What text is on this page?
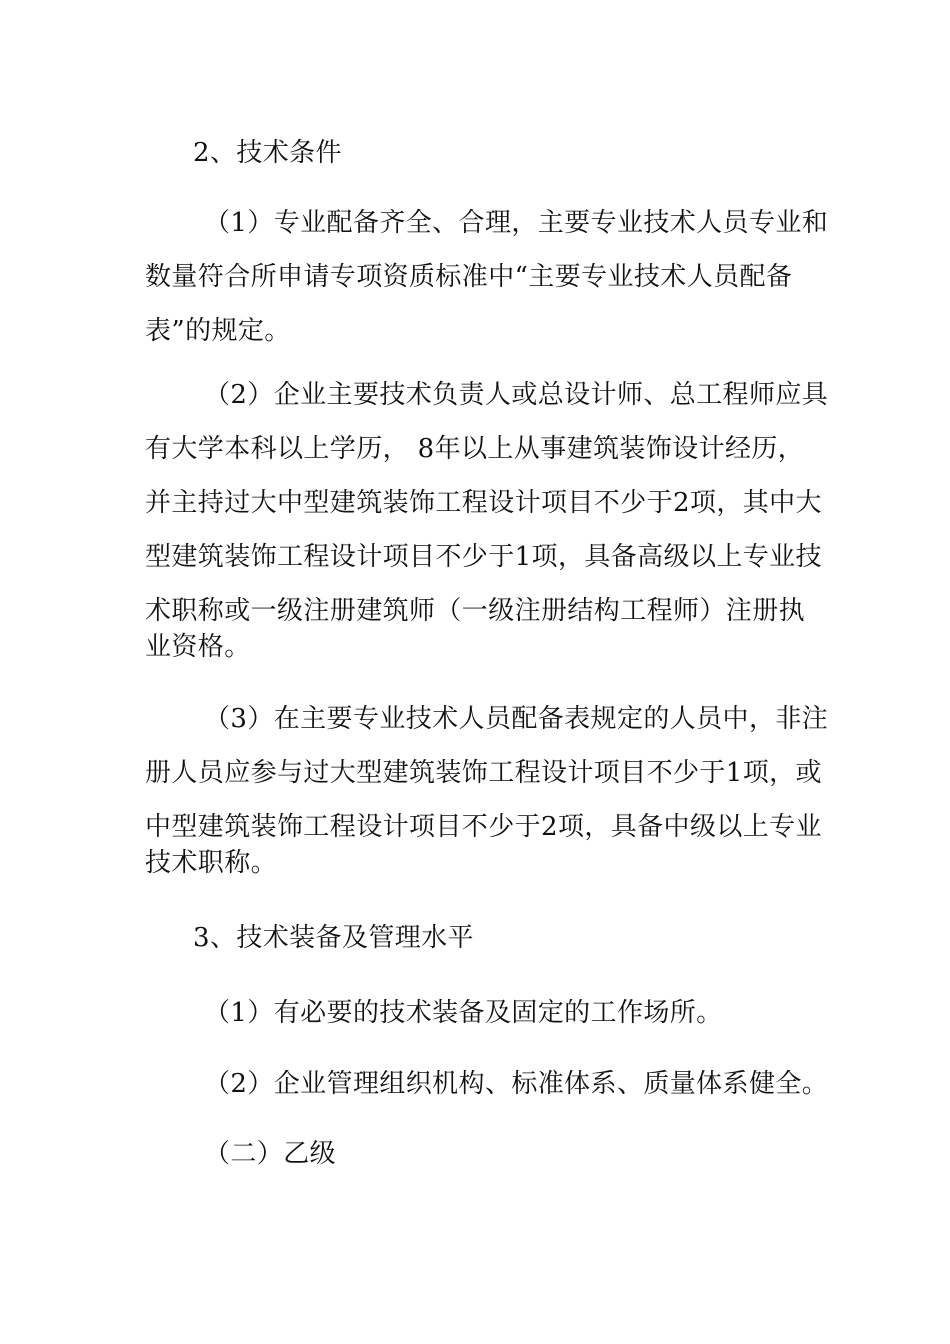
2、技术条件
（1）专业配备齐全、合理，主要专业技术人员专业和
数量符合所申请专项资质标准中“主要专业技术人员配备
表”的规定。
（2）企业主要技术负责人或总设计师、总工程师应具
有大学本科以上学历， 8年以上从事建筑装饰设计经历，
并主持过大中型建筑装饰工程设计项目不少于2项，其中大
型建筑装饰工程设计项目不少于1项，具备高级以上专业技
术职称或一级注册建筑师（一级注册结构工程师）注册执
业资格。
（3）在主要专业技术人员配备表规定的人员中，非注
册人员应参与过大型建筑装饰工程设计项目不少于1项，或
中型建筑装饰工程设计项目不少于2项，具备中级以上专业
技术职称。
3、技术装备及管理水平
（1）有必要的技术装备及固定的工作场所。
（2）企业管理组织机构、标准体系、质量体系健全。
（二）乙级
